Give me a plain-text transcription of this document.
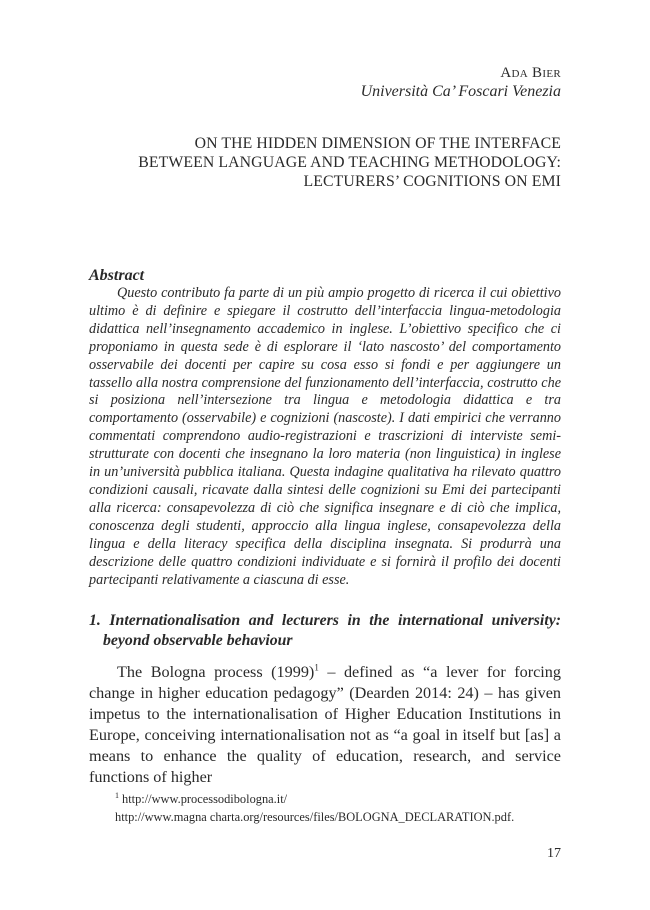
Ada Bier
Università Ca’ Foscari Venezia
ON THE HIDDEN DIMENSION OF THE INTERFACE
BETWEEN LANGUAGE AND TEACHING METHODOLOGY:
LECTURERS’ COGNITIONS ON EMI
Abstract

Questo contributo fa parte di un più ampio progetto di ricerca il cui obiettivo ultimo è di definire e spiegare il costrutto dell’interfaccia lingua-metodologia didattica nell’insegnamento accademico in inglese. L’obiettivo specifico che ci proponiamo in questa sede è di esplorare il ‘lato nascosto’ del comportamento osservabile dei docenti per capire su cosa esso si fondi e per aggiungere un tassello alla nostra comprensione del funzionamento dell’interfaccia, costrutto che si posiziona nell’intersezione tra lingua e metodologia didattica e tra comportamento (osservabile) e cognizioni (nascoste). I dati empirici che verranno commentati comprendono audio-registrazioni e trascrizioni di interviste semi-strutturate con docenti che insegnano la loro materia (non linguistica) in inglese in un’università pubblica italiana. Questa indagine qualitativa ha rilevato quattro condizioni causali, ricavate dalla sintesi delle cognizioni su Emi dei partecipanti alla ricerca: consapevolezza di ciò che significa insegnare e di ciò che implica, conoscenza degli studenti, approccio alla lingua inglese, consapevolezza della lingua e della literacy specifica della disciplina insegnata. Si produrrà una descrizione delle quattro condizioni individuate e si fornirà il profilo dei docenti partecipanti relativamente a ciascuna di esse.

1. Internationalisation and lecturers in the international university: beyond observable behaviour

The Bologna process (1999)$^1$ – defined as “a lever for forcing change in higher education pedagogy” (Dearden 2014: 24) – has given impetus to the internationalisation of Higher Education Institutions in Europe, conceiving internationalisation not as “a goal in itself but [as] a means to enhance the quality of education, research, and service functions of higher
$^1$ http://www.processodibologna.it/
http://www.magna charta.org/resources/files/BOLOGNA_DECLARATION.pdf.
17
